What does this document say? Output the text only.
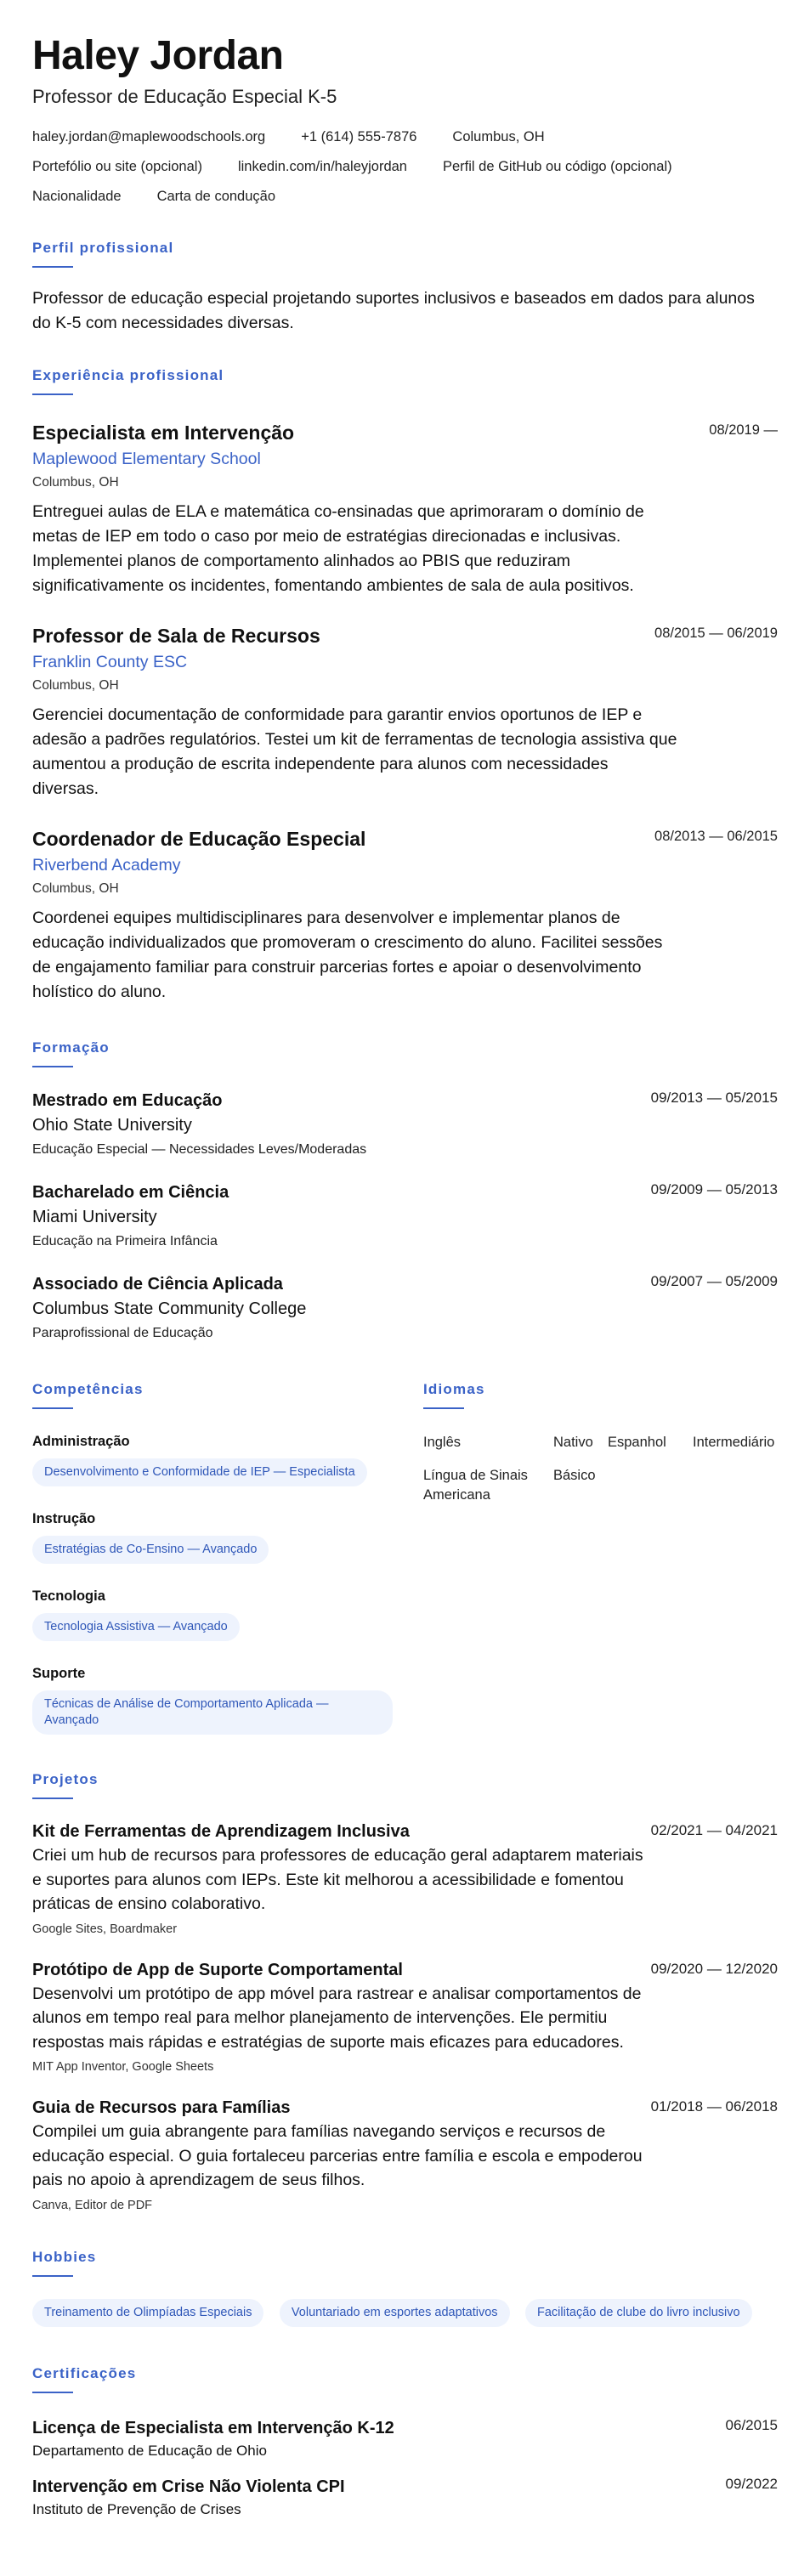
Haley Jordan
Professor de Educação Especial K-5
haley.jordan@maplewoodschools.org	+1 (614) 555-7876	Columbus, OH
Portefólio ou site (opcional)	linkedin.com/in/haleyjordan	Perfil de GitHub ou código (opcional)
Nacionalidade	Carta de condução
Perfil profissional
Professor de educação especial projetando suportes inclusivos e baseados em dados para alunos do K-5 com necessidades diversas.
Experiência profissional
08/2019 —
Especialista em Intervenção
Maplewood Elementary School
Columbus, OH
Entreguei aulas de ELA e matemática co-ensinadas que aprimoraram o domínio de metas de IEP em todo o caso por meio de estratégias direcionadas e inclusivas. Implementei planos de comportamento alinhados ao PBIS que reduziram significativamente os incidentes, fomentando ambientes de sala de aula positivos.
08/2015 — 06/2019
Professor de Sala de Recursos
Franklin County ESC
Columbus, OH
Gerenciei documentação de conformidade para garantir envios oportunos de IEP e adesão a padrões regulatórios. Testei um kit de ferramentas de tecnologia assistiva que aumentou a produção de escrita independente para alunos com necessidades diversas.
08/2013 — 06/2015
Coordenador de Educação Especial
Riverbend Academy
Columbus, OH
Coordenei equipes multidisciplinares para desenvolver e implementar planos de educação individualizados que promoveram o crescimento do aluno. Facilitei sessões de engajamento familiar para construir parcerias fortes e apoiar o desenvolvimento holístico do aluno.
Formação
09/2013 — 05/2015
Mestrado em Educação
Ohio State University
Educação Especial — Necessidades Leves/Moderadas
09/2009 — 05/2013
Bacharelado em Ciência
Miami University
Educação na Primeira Infância
09/2007 — 05/2009
Associado de Ciência Aplicada
Columbus State Community College
Paraprofissional de Educação
Competências
Administração
Desenvolvimento e Conformidade de IEP — Especialista
Instrução
Estratégias de Co-Ensino — Avançado
Tecnologia
Tecnologia Assistiva — Avançado
Suporte
Técnicas de Análise de Comportamento Aplicada — Avançado
Idiomas
Inglês	Nativo	Espanhol	Intermediário
Língua de Sinais Americana
Básico
Projetos
02/2021 — 04/2021
Kit de Ferramentas de Aprendizagem Inclusiva
Criei um hub de recursos para professores de educação geral adaptarem materiais e suportes para alunos com IEPs. Este kit melhorou a acessibilidade e fomentou práticas de ensino colaborativo.
Google Sites, Boardmaker
09/2020 — 12/2020
Protótipo de App de Suporte Comportamental
Desenvolvi um protótipo de app móvel para rastrear e analisar comportamentos de alunos em tempo real para melhor planejamento de intervenções. Ele permitiu respostas mais rápidas e estratégias de suporte mais eficazes para educadores.
MIT App Inventor, Google Sheets
01/2018 — 06/2018
Guia de Recursos para Famílias
Compilei um guia abrangente para famílias navegando serviços e recursos de educação especial. O guia fortaleceu parcerias entre família e escola e empoderou pais no apoio à aprendizagem de seus filhos.
Canva, Editor de PDF
Hobbies
Treinamento de Olimpíadas Especiais	Voluntariado em esportes adaptativos	Facilitação de clube do livro inclusivo
Certificações
06/2015
Licença de Especialista em Intervenção K-12
Departamento de Educação de Ohio
09/2022
Intervenção em Crise Não Violenta CPI
Instituto de Prevenção de Crises
